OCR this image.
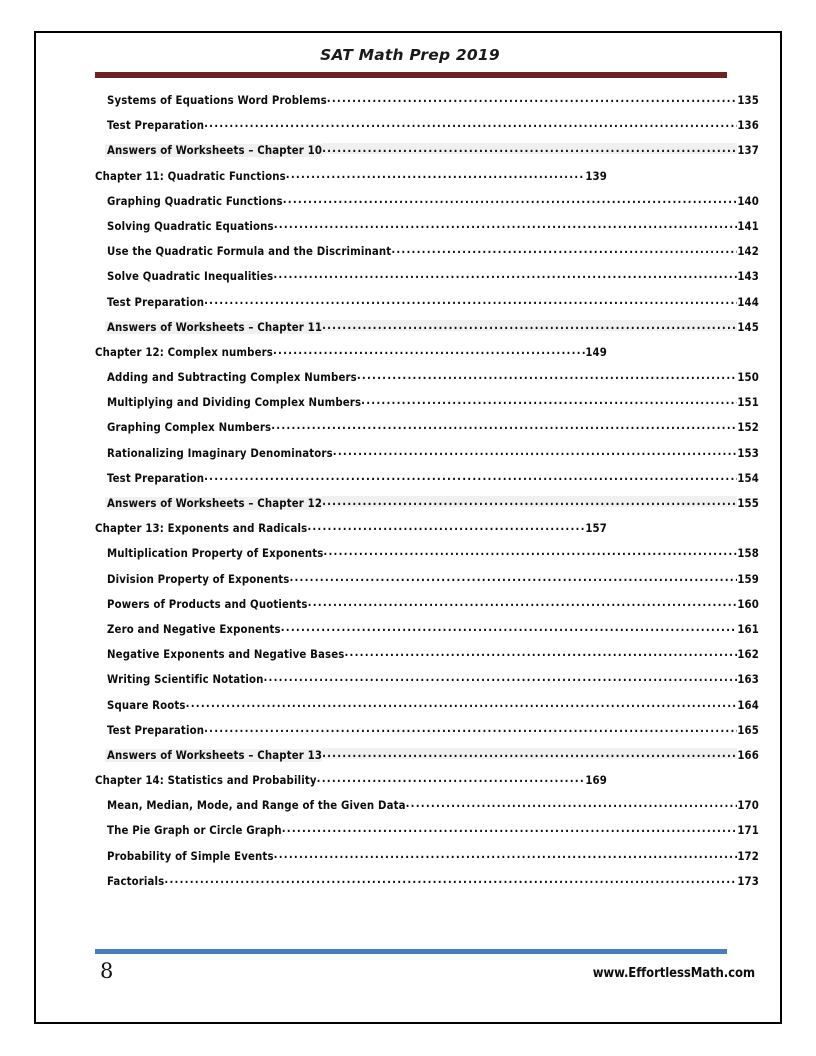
SAT Math Prep 2019
Systems of Equations Word Problems .....	135
Test Preparation .....	136
Answers of Worksheets – Chapter 10 .....	137
Chapter 11: Quadratic Functions .....	139
Graphing Quadratic Functions .....	140
Solving Quadratic Equations .....	141
Use the Quadratic Formula and the Discriminant .....	142
Solve Quadratic Inequalities .....	143
Test Preparation .....	144
Answers of Worksheets – Chapter 11 .....	145
Chapter 12: Complex numbers .....	149
Adding and Subtracting Complex Numbers .....	150
Multiplying and Dividing Complex Numbers .....	151
Graphing Complex Numbers .....	152
Rationalizing Imaginary Denominators .....	153
Test Preparation .....	154
Answers of Worksheets – Chapter 12 .....	155
Chapter 13: Exponents and Radicals .....	157
Multiplication Property of Exponents .....	158
Division Property of Exponents .....	159
Powers of Products and Quotients .....	160
Zero and Negative Exponents .....	161
Negative Exponents and Negative Bases .....	162
Writing Scientific Notation .....	163
Square Roots .....	164
Test Preparation .....	165
Answers of Worksheets – Chapter 13 .....	166
Chapter 14: Statistics and Probability .....	169
Mean, Median, Mode, and Range of the Given Data .....	170
The Pie Graph or Circle Graph .....	171
Probability of Simple Events .....	172
Factorials .....	173
8	www.EffortlessMath.com
